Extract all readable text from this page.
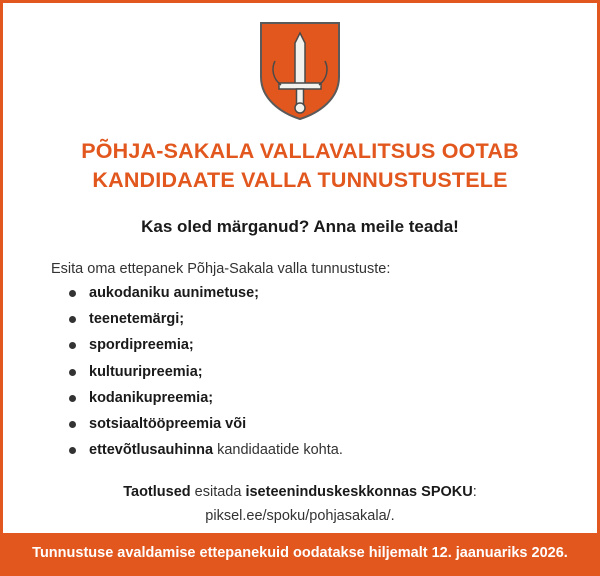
PÕHJA-SAKALA VALLAVALITSUS OOTAB
KANDIDAATE VALLA TUNNUSTUSTELE
Kas oled märganud? Anna meile teada!
Esita oma ettepanek Põhja-Sakala valla tunnustuste:
aukodaniku aunimetuse;
teenetemärgi;
spordipreemia;
kultuuripreemia;
kodanikupreemia;
sotsiaaltööpreemia või
ettevõtlusauhinna kandidaatide kohta.
Taotlused esitada iseteeninduskeskkonnas SPOKU:
piksel.ee/spoku/pohjasakala/.
Tunnustuse avaldamise ettepanekuid oodatakse hiljemalt 12. jaanuariks 2026.
